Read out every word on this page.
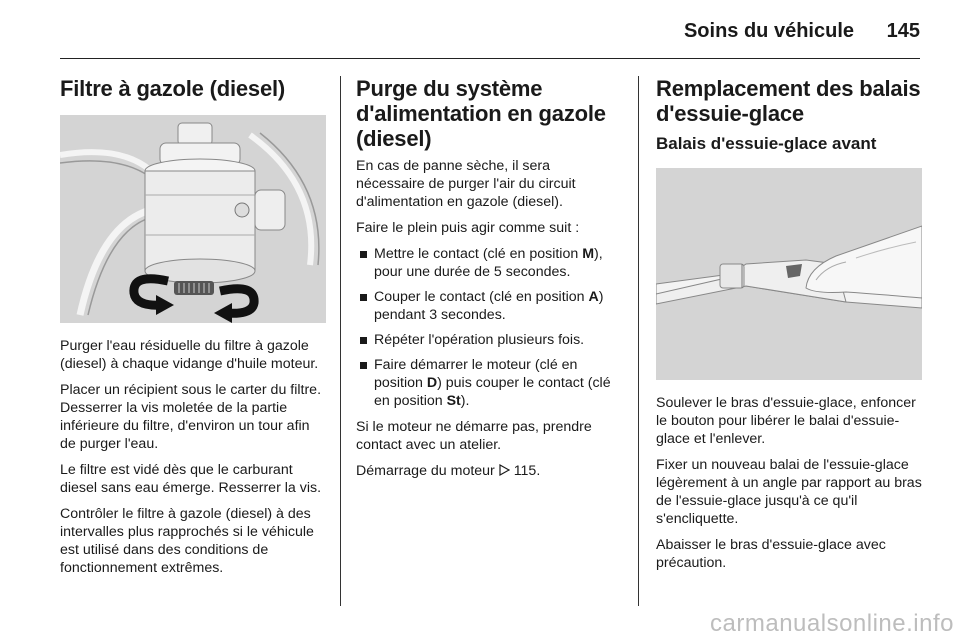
Soins du véhicule 145
Filtre à gazole (diesel)

Purger l'eau résiduelle du filtre à gazole (diesel) à chaque vidange d'huile moteur.

Placer un récipient sous le carter du filtre. Desserrer la vis moletée de la partie inférieure du filtre, d'environ un tour afin de purger l'eau.

Le filtre est vidé dès que le carburant diesel sans eau émerge. Resserrer la vis.

Contrôler le filtre à gazole (diesel) à des intervalles plus rapprochés si le véhicule est utilisé dans des conditions de fonctionnement extrêmes.

Purge du système d'alimentation en gazole (diesel)

En cas de panne sèche, il sera nécessaire de purger l'air du circuit d'alimentation en gazole (diesel).

Faire le plein puis agir comme suit :

Mettre le contact (clé en position M), pour une durée de 5 secondes.
Couper le contact (clé en position A) pendant 3 secondes.
Répéter l'opération plusieurs fois.
Faire démarrer le moteur (clé en position D) puis couper le contact (clé en position St).

Si le moteur ne démarre pas, prendre contact avec un atelier.

Démarrage du moteur 115.

Remplacement des balais d'essuie-glace
Balais d'essuie-glace avant

Soulever le bras d'essuie-glace, enfoncer le bouton pour libérer le balai d'essuie-glace et l'enlever.

Fixer un nouveau balai de l'essuie-glace légèrement à un angle par rapport au bras de l'essuie-glace jusqu'à ce qu'il s'encliquette.

Abaisser le bras d'essuie-glace avec précaution.

carmanualsonline.info
